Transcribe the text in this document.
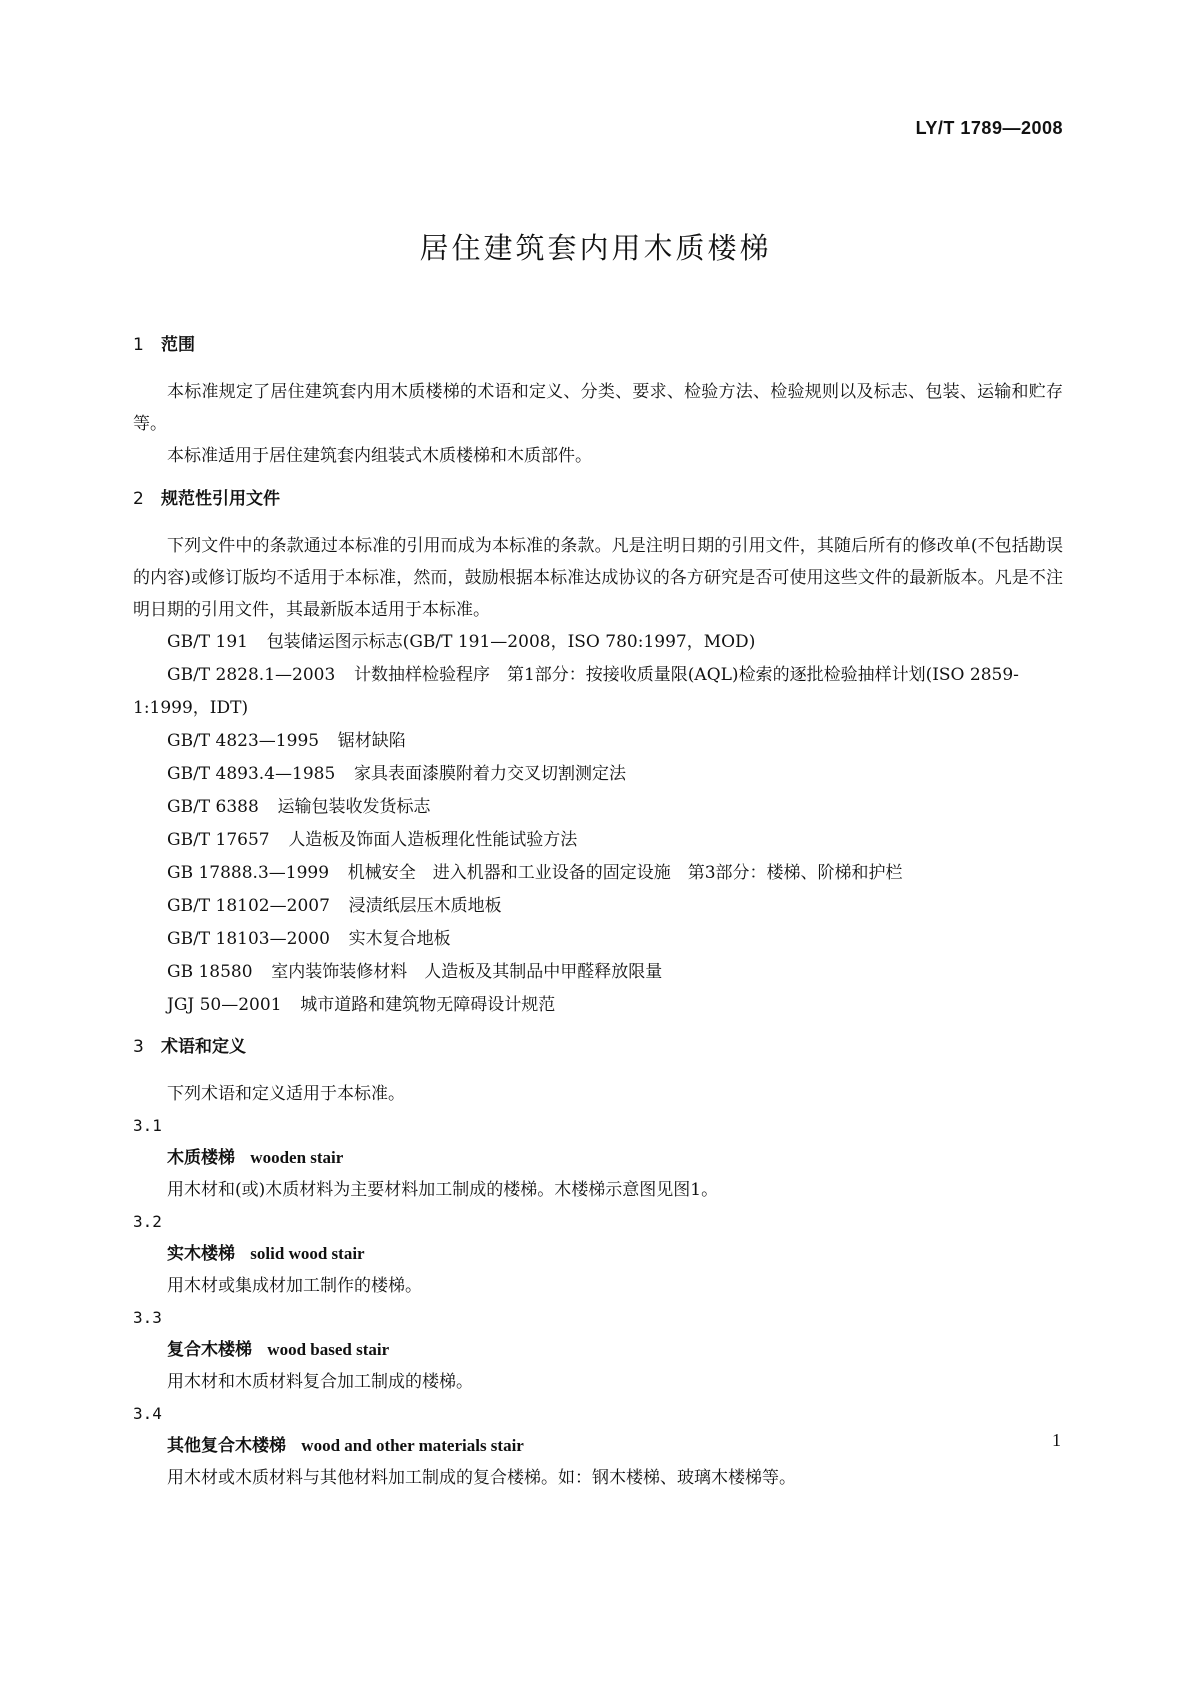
LY/T 1789—2008
居住建筑套内用木质楼梯
1 范围

本标准规定了居住建筑套内用木质楼梯的术语和定义、分类、要求、检验方法、检验规则以及标志、包装、运输和贮存等。

本标准适用于居住建筑套内组装式木质楼梯和木质部件。

2 规范性引用文件

下列文件中的条款通过本标准的引用而成为本标准的条款。凡是注明日期的引用文件，其随后所有的修改单(不包括勘误的内容)或修订版均不适用于本标准，然而，鼓励根据本标准达成协议的各方研究是否可使用这些文件的最新版本。凡是不注明日期的引用文件，其最新版本适用于本标准。

GB/T 191 包装储运图示标志(GB/T 191—2008，ISO 780:1997，MOD)

GB/T 2828.1—2003 计数抽样检验程序　第1部分：按接收质量限(AQL)检索的逐批检验抽样计划(ISO 2859-1:1999，IDT)

GB/T 4823—1995 锯材缺陷

GB/T 4893.4—1985 家具表面漆膜附着力交叉切割测定法

GB/T 6388 运输包装收发货标志

GB/T 17657 人造板及饰面人造板理化性能试验方法

GB 17888.3—1999 机械安全　进入机器和工业设备的固定设施　第3部分：楼梯、阶梯和护栏

GB/T 18102—2007 浸渍纸层压木质地板

GB/T 18103—2000 实木复合地板

GB 18580 室内装饰装修材料　人造板及其制品中甲醛释放限量

JGJ 50—2001 城市道路和建筑物无障碍设计规范

3 术语和定义

下列术语和定义适用于本标准。

3.1

木质楼梯 wooden stair

用木材和(或)木质材料为主要材料加工制成的楼梯。木楼梯示意图见图1。

3.2

实木楼梯 solid wood stair

用木材或集成材加工制作的楼梯。

3.3

复合木楼梯 wood based stair

用木材和木质材料复合加工制成的楼梯。

3.4

其他复合木楼梯 wood and other materials stair

用木材或木质材料与其他材料加工制成的复合楼梯。如：钢木楼梯、玻璃木楼梯等。

1
